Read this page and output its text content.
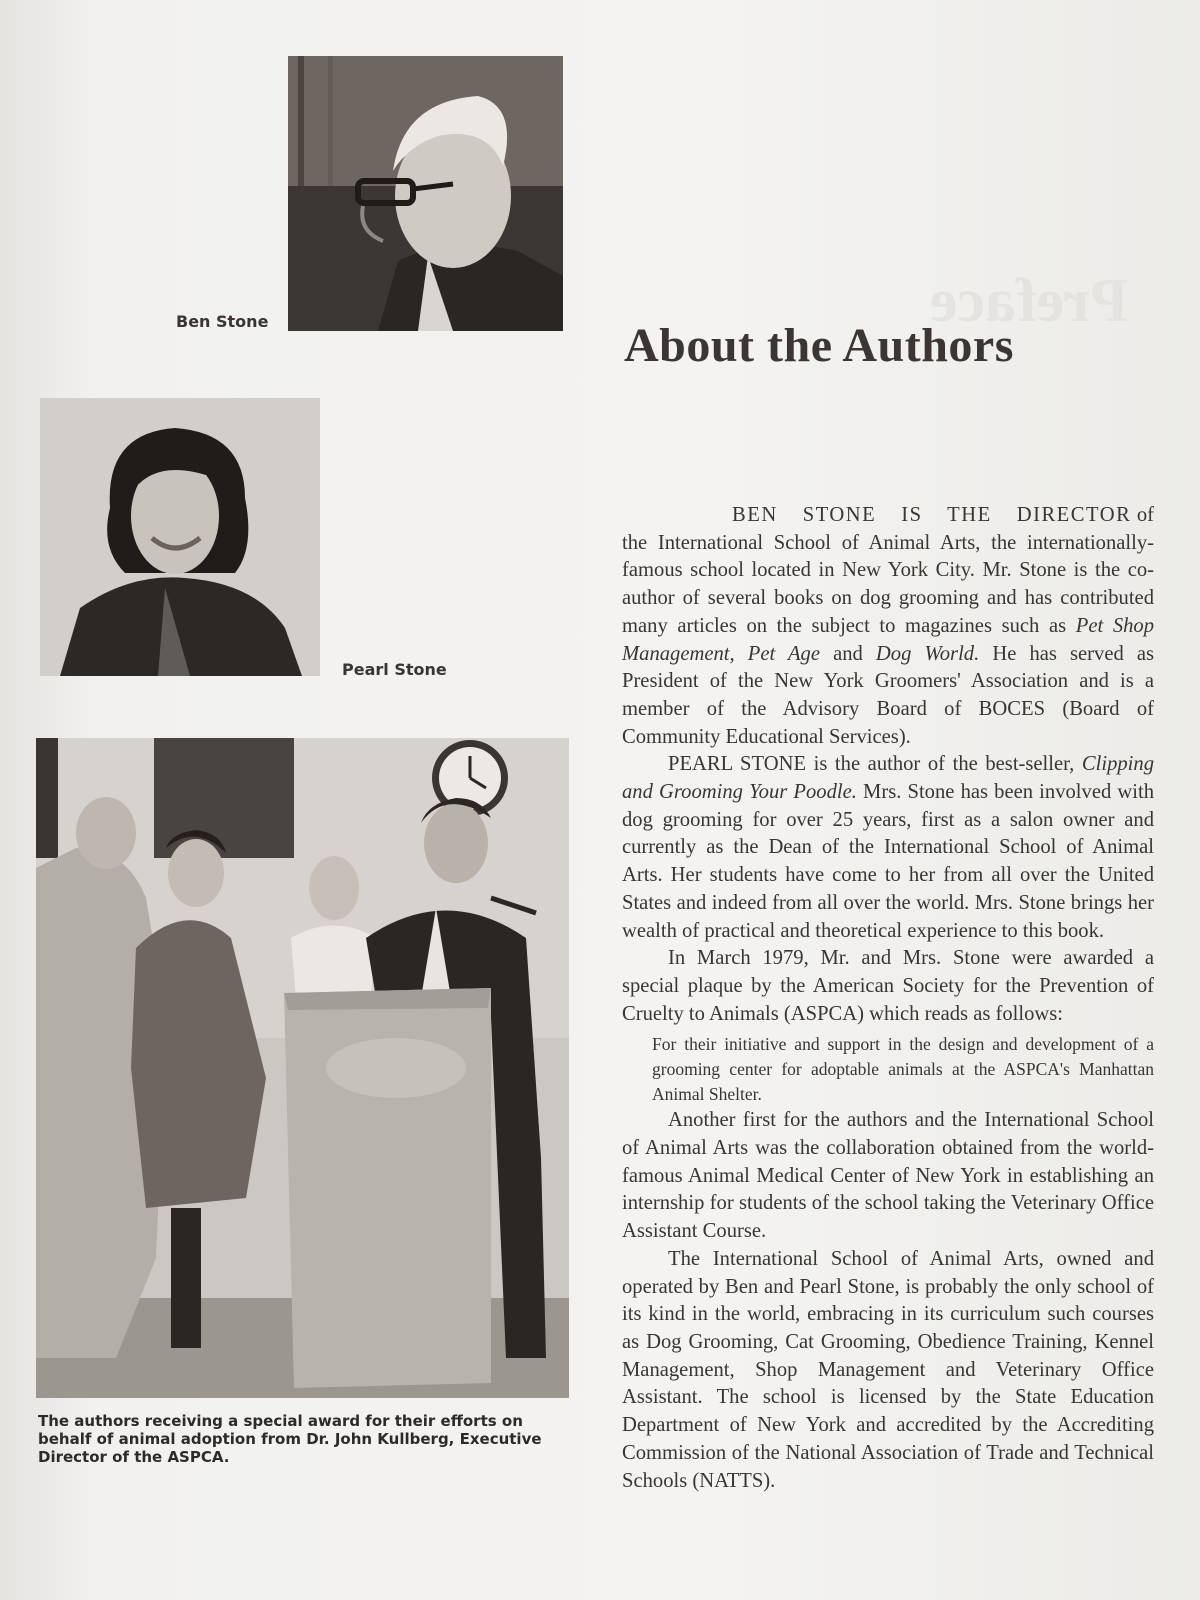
Preface
Ben Stone
Pearl Stone
The authors receiving a special award for their efforts on behalf of animal adoption from Dr. John Kullberg, Executive Director of the ASPCA.
About the Authors

BEN STONE IS THE DIRECTOR of the International School of Animal Arts, the internationally-famous school located in New York City. Mr. Stone is the co-author of several books on dog grooming and has contributed many articles on the subject to magazines such as Pet Shop Management, Pet Age and Dog World. He has served as President of the New York Groomers' Association and is a member of the Advisory Board of BOCES (Board of Community Educational Services).

PEARL STONE is the author of the best-seller, Clipping and Grooming Your Poodle. Mrs. Stone has been involved with dog grooming for over 25 years, first as a salon owner and currently as the Dean of the International School of Animal Arts. Her students have come to her from all over the United States and indeed from all over the world. Mrs. Stone brings her wealth of practical and theoretical experience to this book.

In March 1979, Mr. and Mrs. Stone were awarded a special plaque by the American Society for the Prevention of Cruelty to Animals (ASPCA) which reads as follows:

For their initiative and support in the design and development of a grooming center for adoptable animals at the ASPCA's Manhattan Animal Shelter.

Another first for the authors and the International School of Animal Arts was the collaboration obtained from the world-famous Animal Medical Center of New York in establishing an internship for students of the school taking the Veterinary Office Assistant Course.

The International School of Animal Arts, owned and operated by Ben and Pearl Stone, is probably the only school of its kind in the world, embracing in its curriculum such courses as Dog Grooming, Cat Grooming, Obedience Training, Kennel Management, Shop Management and Veterinary Office Assistant. The school is licensed by the State Education Department of New York and accredited by the Accrediting Commission of the National Association of Trade and Technical Schools (NATTS).
